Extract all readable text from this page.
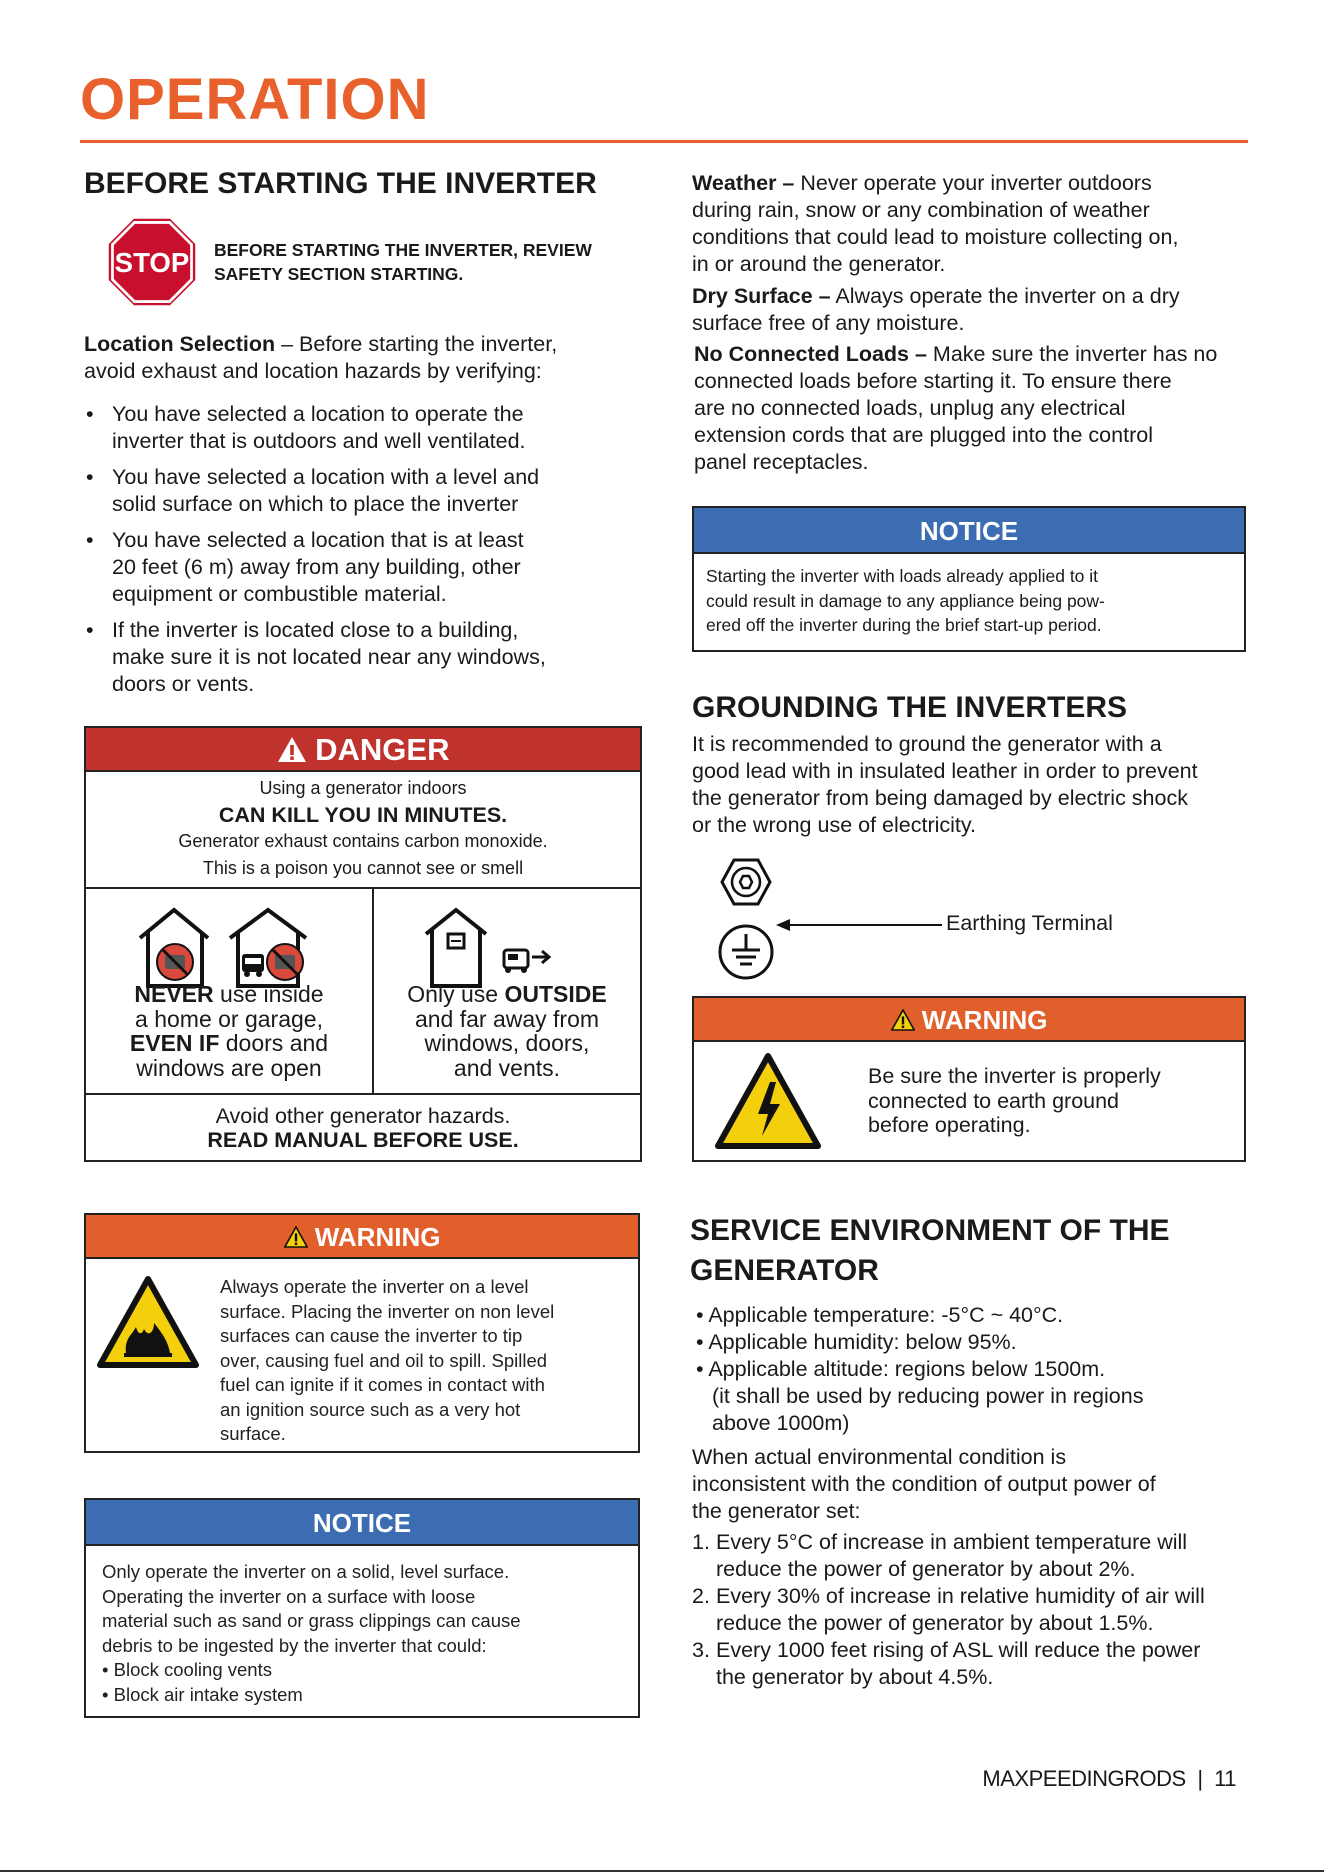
OPERATION
BEFORE STARTING THE INVERTER
STOP BEFORE STARTING THE INVERTER, REVIEW
SAFETY SECTION STARTING.
Location Selection – Before starting the inverter,
avoid exhaust and location hazards by verifying:
• You have selected a location to operate the
inverter that is outdoors and well ventilated.
• You have selected a location with a level and
solid surface on which to place the inverter
• You have selected a location that is at least
20 feet (6 m) away from any building, other
equipment or combustible material.
• If the inverter is located close to a building,
make sure it is not located near any windows,
doors or vents.
DANGER
Using a generator indoors
CAN KILL YOU IN MINUTES.
Generator exhaust contains carbon monoxide.
This is a poison you cannot see or smell
NEVER use inside
a home or garage,
EVEN IF doors and
windows are open
Only use OUTSIDE
and far away from
windows, doors,
and vents.
Avoid other generator hazards.
READ MANUAL BEFORE USE.
WARNING
Always operate the inverter on a level
surface. Placing the inverter on non level
surfaces can cause the inverter to tip
over, causing fuel and oil to spill. Spilled
fuel can ignite if it comes in contact with
an ignition source such as a very hot
surface.
NOTICE
Only operate the inverter on a solid, level surface.
Operating the inverter on a surface with loose
material such as sand or grass clippings can cause
debris to be ingested by the inverter that could:
• Block cooling vents
• Block air intake system
Weather – Never operate your inverter outdoors
during rain, snow or any combination of weather
conditions that could lead to moisture collecting on,
in or around the generator.
Dry Surface – Always operate the inverter on a dry
surface free of any moisture.
No Connected Loads – Make sure the inverter has no
connected loads before starting it. To ensure there
are no connected loads, unplug any electrical
extension cords that are plugged into the control
panel receptacles.
NOTICE
Starting the inverter with loads already applied to it
could result in damage to any appliance being pow-
ered off the inverter during the brief start-up period.
GROUNDING THE INVERTERS
It is recommended to ground the generator with a
good lead with in insulated leather in order to prevent
the generator from being damaged by electric shock
or the wrong use of electricity.
Earthing Terminal
WARNING
Be sure the inverter is properly
connected to earth ground
before operating.
SERVICE ENVIRONMENT OF THE
GENERATOR
• Applicable temperature: -5°C ~ 40°C.
• Applicable humidity: below 95%.
• Applicable altitude: regions below 1500m.
(it shall be used by reducing power in regions
above 1000m)
When actual environmental condition is
inconsistent with the condition of output power of
the generator set:
1. Every 5°C of increase in ambient temperature will
reduce the power of generator by about 2%.
2. Every 30% of increase in relative humidity of air will
reduce the power of generator by about 1.5%.
3. Every 1000 feet rising of ASL will reduce the power
the generator by about 4.5%.
MAXPEEDINGRODS | 11
